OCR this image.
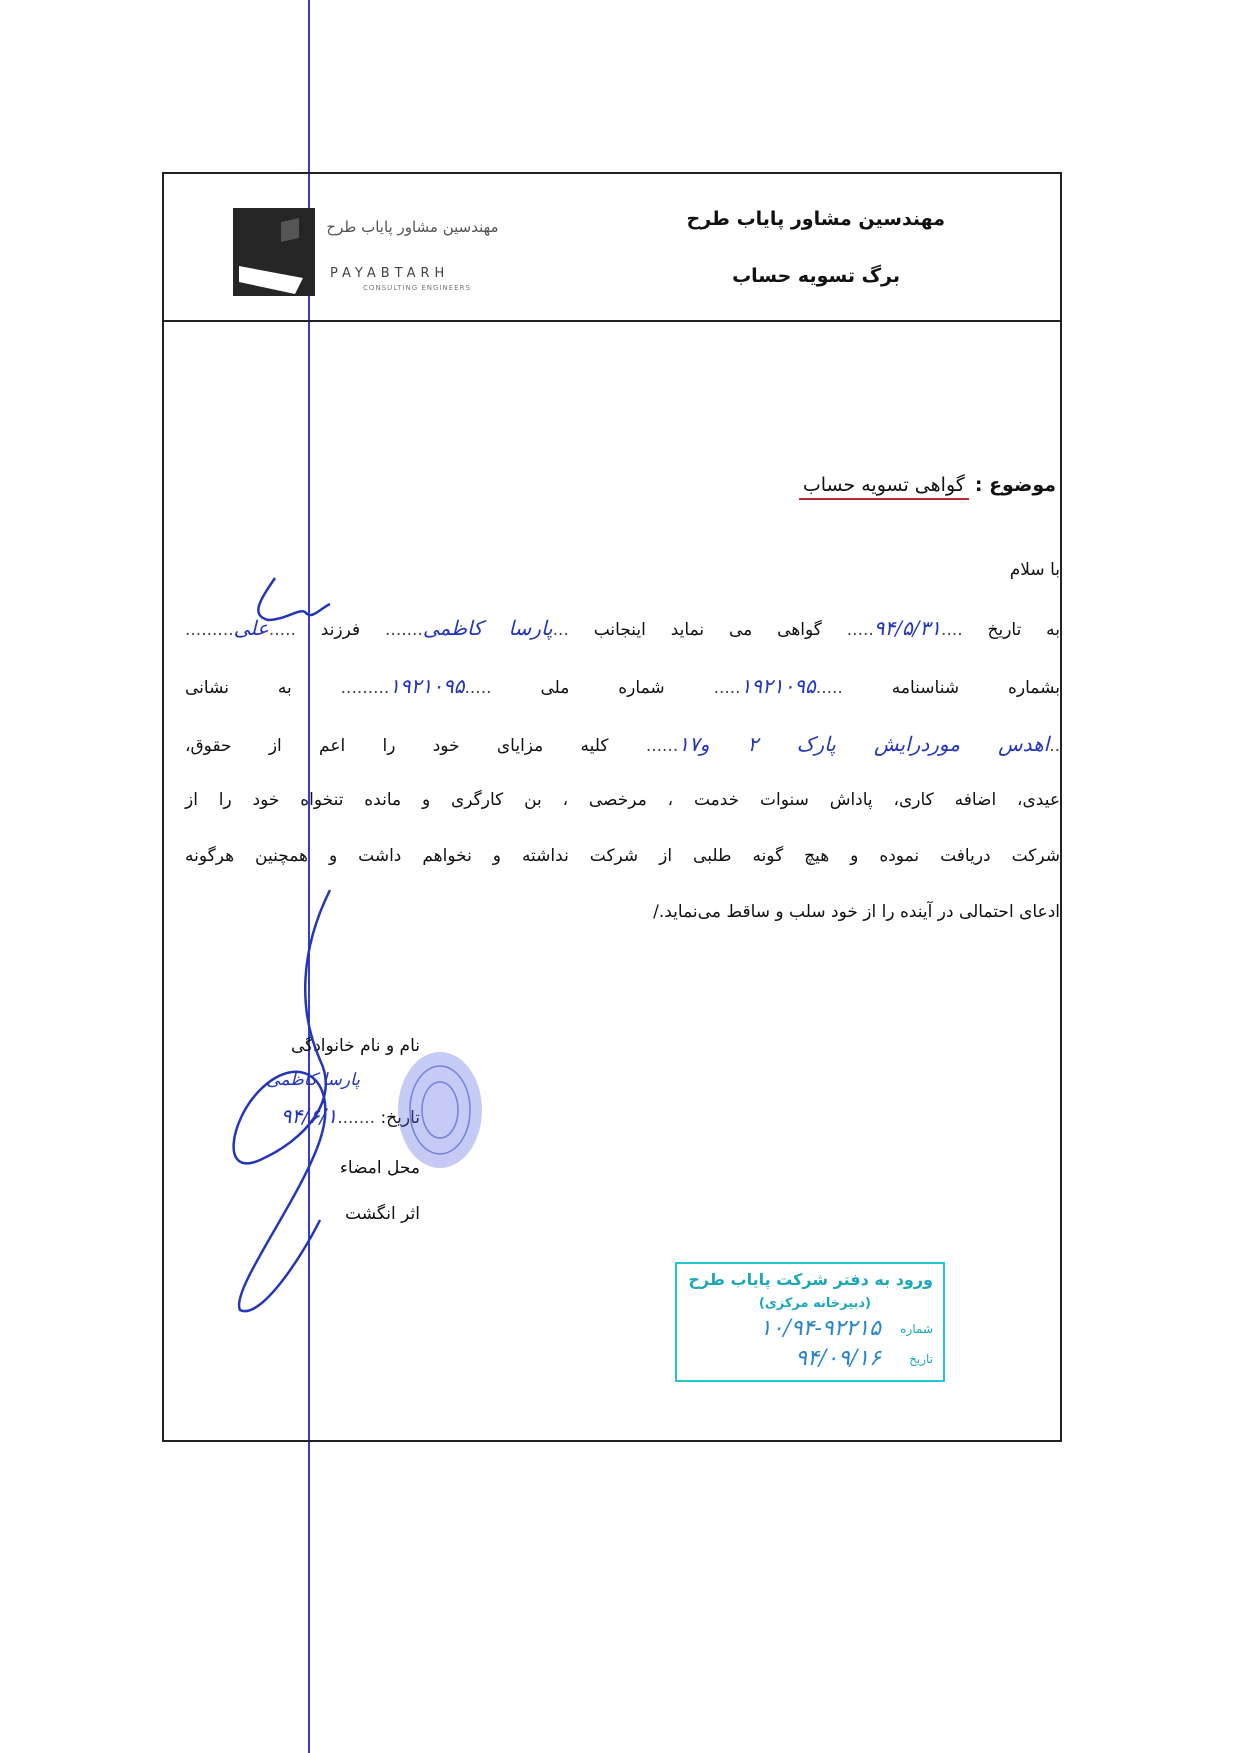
مهندسین مشاور پایاب طرح
PAYABTARH
CONSULTING ENGINEERS
مهندسین مشاور پایاب طرح
برگ تسویه حساب
موضوع : گواهی تسویه حساب
با سلام
به تاریخ ....۹۴/۵/۳۱..... گواهی می نماید اینجانب ...پارسا کاظمی....... فرزند .....علی.........
بشماره شناسنامه .....۱۹۲۱۰۹۵..... شماره ملی .....۱۹۲۱۰۹۵......... به نشانی
..اهدس موردرایش پارک ۲ و۱۷...... کلیه مزایای خود را اعم از حقوق،
عیدی، اضافه کاری، پاداش سنوات خدمت ، مرخصی ، بن کارگری و مانده تنخواه خود را از
شرکت دریافت نموده و هیچ گونه طلبی از شرکت نداشته و نخواهم داشت و همچنین هرگونه
ادعای احتمالی در آینده را از خود سلب و ساقط می‌نماید./
نام و نام خانوادگی
پارسا کاظمی
تاریخ: .......۹۴/۶/۱
محل امضاء
اثر انگشت
ورود به دفتر شرکت پایاب طرح
(دبیرخانه مرکزی)
شماره
۱۰/۹۴-۹۲۲۱۵
تاریخ
۹۴/۰۹/۱۶
